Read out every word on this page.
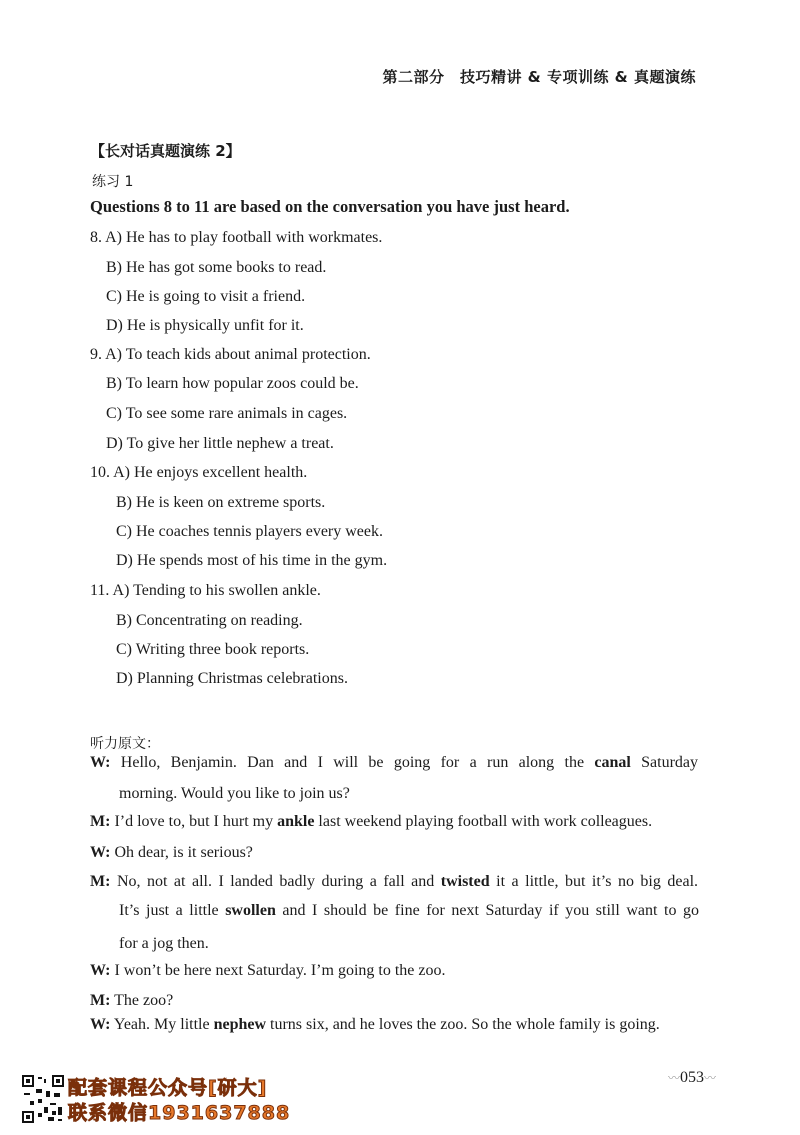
第二部分　技巧精讲 & 专项训练 & 真题演练
【长对话真题演练 2】
练习 1
Questions 8 to 11 are based on the conversation you have just heard.
8. A) He has to play football with workmates.
B) He has got some books to read.
C) He is going to visit a friend.
D) He is physically unfit for it.
9. A) To teach kids about animal protection.
B) To learn how popular zoos could be.
C) To see some rare animals in cages.
D) To give her little nephew a treat.
10. A) He enjoys excellent health.
B) He is keen on extreme sports.
C) He coaches tennis players every week.
D) He spends most of his time in the gym.
11. A) Tending to his swollen ankle.
B) Concentrating on reading.
C) Writing three book reports.
D) Planning Christmas celebrations.
听力原文：
W: Hello, Benjamin. Dan and I will be going for a run along the canal Saturday
morning. Would you like to join us?
M: I’d love to, but I hurt my ankle last weekend playing football with work colleagues.
W: Oh dear, is it serious?
M: No, not at all. I landed badly during a fall and twisted it a little, but it’s no big deal.
It’s just a little swollen and I should be fine for next Saturday if you still want to go
for a jog then.
W: I won’t be here next Saturday. I’m going to the zoo.
M: The zoo?
W: Yeah. My little nephew turns six, and he loves the zoo. So the whole family is going.
〰053〰
配套课程公众号[研大]
联系微信1931637888
